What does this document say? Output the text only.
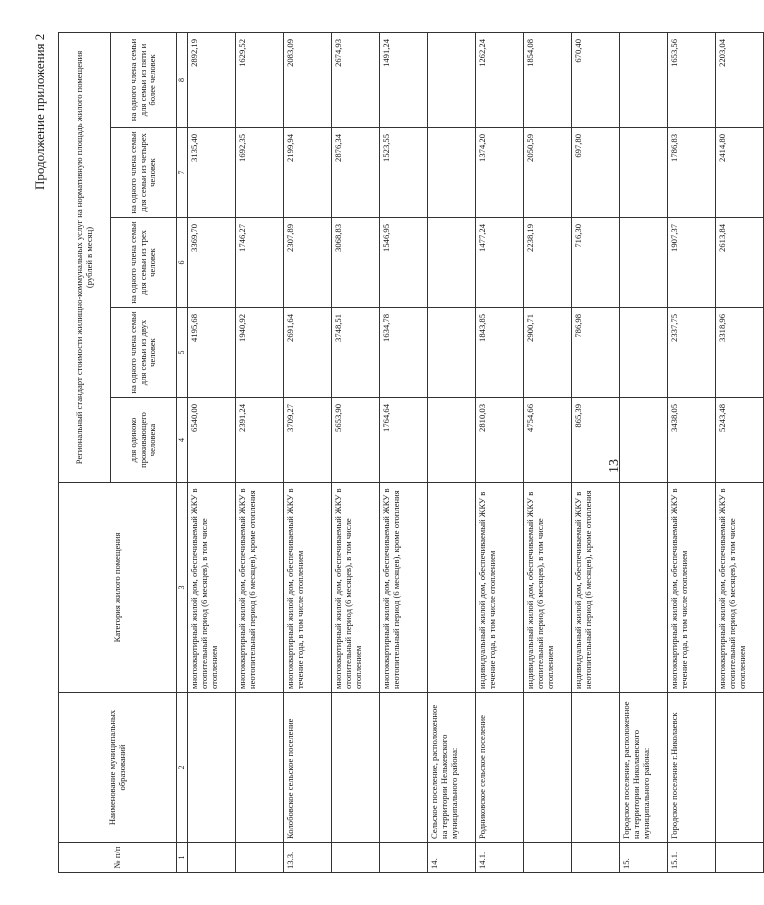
13
Продолжение приложения 2
№ п/п	Наименование муниципальных образований	Категория жилого помещения	Региональный стандарт стоимости жилищно-коммунальных услуг на нормативную площадь жилого помещения (рублей в месяц)				
			для одиноко проживающего человека	на одного члена семьи для семьи из двух человек	на одного члена семьи для семьи из трех человек	на одного члена семьи для семьи из четырех человек	на одного члена семьи для семьи из пяти и более человек
1	2	3	4	5	6	7	8
		многоквартирный жилой дом, обеспечиваемый ЖКУ в отопительный период (6 месяцев), в том числе отоплением	6540,00	4195,68	3369,70	3135,40	2892,19
		многоквартирный жилой дом, обеспечиваемый ЖКУ в неотопительный период (6 месяцев), кроме отопления	2391,24	1940,92	1746,27	1692,35	1629,52
13.3.	Колобовское сельское поселение	многоквартирный жилой дом, обеспечиваемый ЖКУ в течение года, в том числе отоплением	3709,27	2691,64	2307,89	2199,94	2083,09
		многоквартирный жилой дом, обеспечиваемый ЖКУ в отопительный период (6 месяцев), в том числе отоплением	5653,90	3748,51	3068,83	2876,34	2674,93
		многоквартирный жилой дом, обеспечиваемый ЖКУ в неотопительный период (6 месяцев), кроме отопления	1764,64	1634,78	1546,95	1523,55	1491,24
14.	Сельское поселение, расположенное на территории Нелькевского муниципального района:						
14.1.	Родниковское сельское поселение	индивидуальный жилой дом, обеспечиваемый ЖКУ в течение года, в том числе отоплением	2810,03	1843,85	1477,24	1374,20	1262,24
		индивидуальный жилой дом, обеспечиваемый ЖКУ в отопительный период (6 месяцев), в том числе отоплением	4754,66	2900,71	2238,19	2050,59	1854,08
		индивидуальный жилой дом, обеспечиваемый ЖКУ в неотопительный период (6 месяцев), кроме отопления	865,39	786,98	716,30	697,80	670,40
15.	Городское поселение, расположенное на территории Николаевского муниципального района:						
15.1.	Городское поселение г.Николаевск	многоквартирный жилой дом, обеспечиваемый ЖКУ в течение года, в том числе отоплением	3438,05	2337,75	1907,37	1786,83	1653,56
		многоквартирный жилой дом, обеспечиваемый ЖКУ в отопительный период (6 месяцев), в том числе отоплением	5243,48	3318,96	2613,84	2414,80	2203,04
